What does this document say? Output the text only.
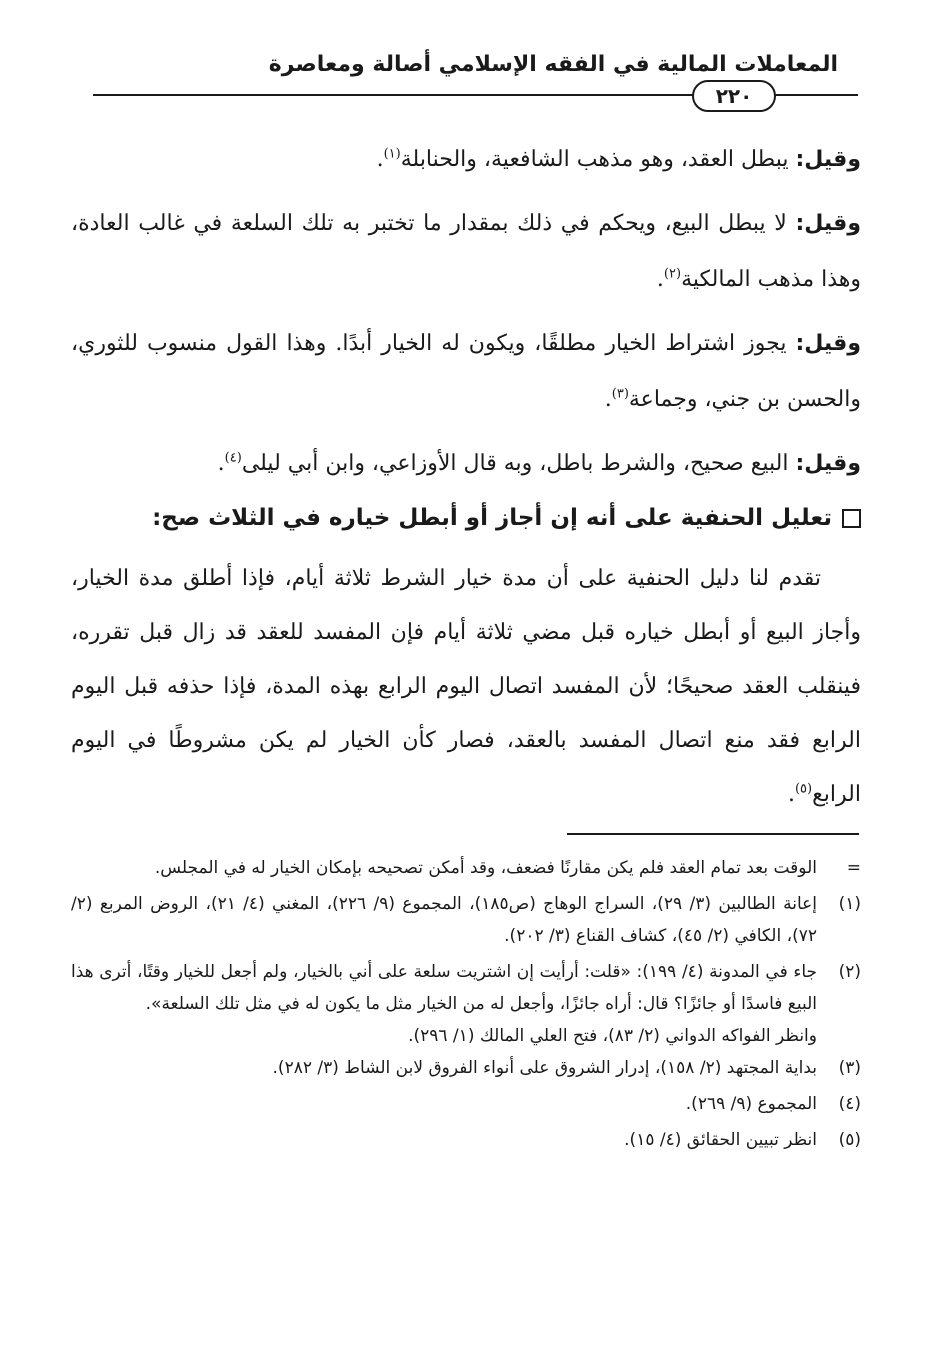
المعاملات المالية في الفقه الإسلامي أصالة ومعاصرة
٢٢٠

وقيل: يبطل العقد، وهو مذهب الشافعية، والحنابلة$^{(١)}$.

وقيل: لا يبطل البيع، ويحكم في ذلك بمقدار ما تختبر به تلك السلعة في غالب العادة، وهذا مذهب المالكية$^{(٢)}$.

وقيل: يجوز اشتراط الخيار مطلقًا، ويكون له الخيار أبدًا. وهذا القول منسوب للثوري، والحسن بن جني، وجماعة$^{(٣)}$.

وقيل: البيع صحيح، والشرط باطل، وبه قال الأوزاعي، وابن أبي ليلى$^{(٤)}$.

تعليل الحنفية على أنه إن أجاز أو أبطل خياره في الثلاث صح:
تقدم لنا دليل الحنفية على أن مدة خيار الشرط ثلاثة أيام، فإذا أطلق مدة الخيار، وأجاز البيع أو أبطل خياره قبل مضي ثلاثة أيام فإن المفسد للعقد قد زال قبل تقرره، فينقلب العقد صحيحًا؛ لأن المفسد اتصال اليوم الرابع بهذه المدة، فإذا حذفه قبل اليوم الرابع فقد منع اتصال المفسد بالعقد، فصار كأن الخيار لم يكن مشروطًا في اليوم الرابع$^{(٥)}$.
=
الوقت بعد تمام العقد فلم يكن مقارنًا فضعف، وقد أمكن تصحيحه بإمكان الخيار له في المجلس.
(١)
إعانة الطالبين (٣/ ٢٩)، السراج الوهاج (ص١٨٥)، المجموع (٩/ ٢٢٦)، المغني (٤/ ٢١)، الروض المربع (٢/ ٧٢)، الكافي (٢/ ٤٥)، كشاف القناع (٣/ ٢٠٢).
(٢)
جاء في المدونة (٤/ ١٩٩): «قلت: أرأيت إن اشتريت سلعة على أني بالخيار، ولم أجعل للخيار وقتًا، أترى هذا البيع فاسدًا أو جائزًا؟ قال: أراه جائزًا، وأجعل له من الخيار مثل ما يكون له في مثل تلك السلعة».
وانظر الفواكه الدواني (٢/ ٨٣)، فتح العلي المالك (١/ ٢٩٦).
(٣)
بداية المجتهد (٢/ ١٥٨)، إدرار الشروق على أنواء الفروق لابن الشاط (٣/ ٢٨٢).
(٤)
المجموع (٩/ ٢٦٩).
(٥)
انظر تبيين الحقائق (٤/ ١٥).
